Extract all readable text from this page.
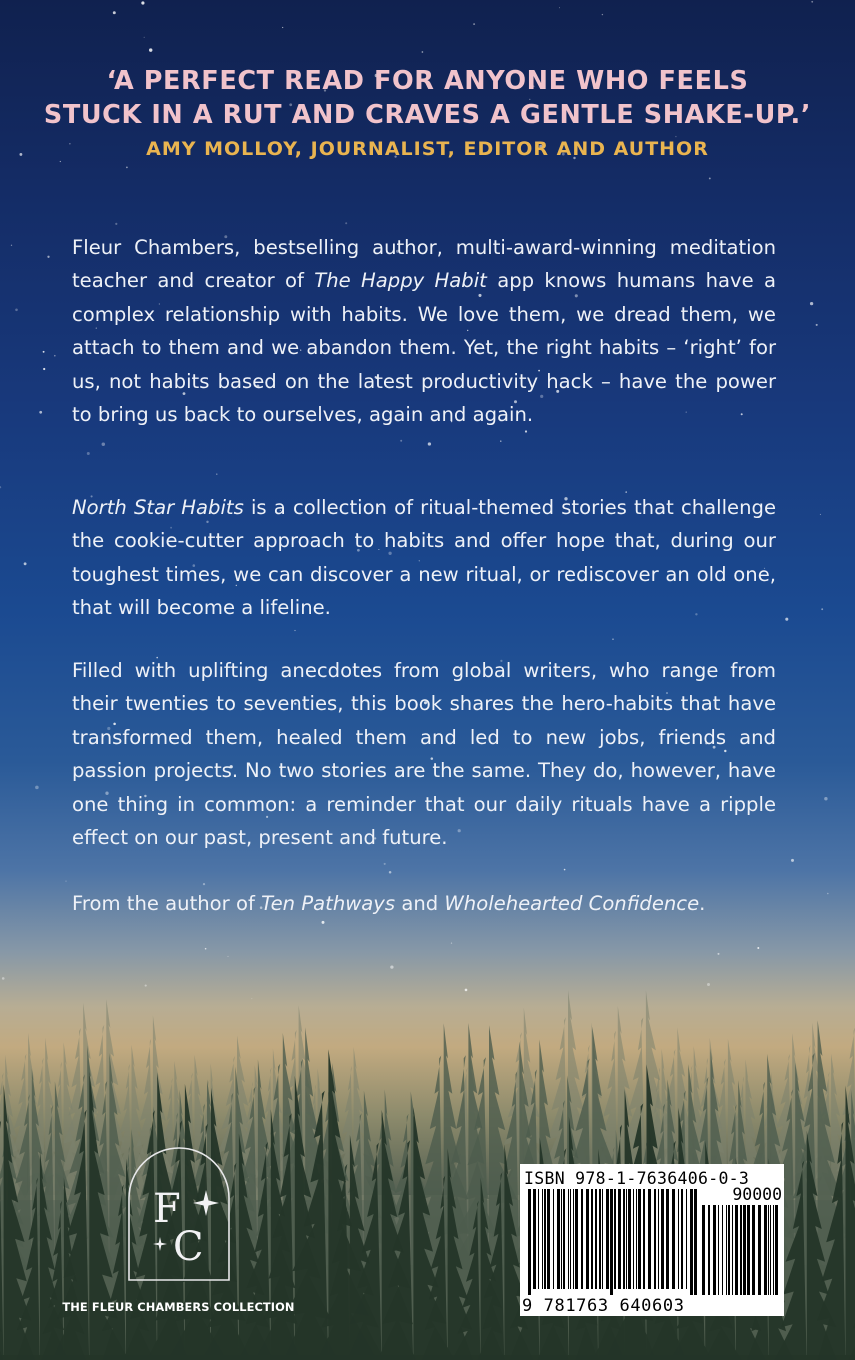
‘A PERFECT READ FOR ANYONE WHO FEELS
STUCK IN A RUT AND CRAVES A GENTLE SHAKE-UP.’
AMY MOLLOY, JOURNALIST, EDITOR AND AUTHOR

Fleur Chambers, bestselling author, multi-award-winning meditation teacher and creator of The Happy Habit app knows humans have a complex relationship with habits. We love them, we dread them, we attach to them and we abandon them. Yet, the right habits – ‘right’ for us, not habits based on the latest productivity hack – have the power to bring us back to ourselves, again and again.

North Star Habits is a collection of ritual-themed stories that challenge the cookie-cutter approach to habits and offer hope that, during our toughest times, we can discover a new ritual, or rediscover an old one, that will become a lifeline.

Filled with uplifting anecdotes from global writers, who range from their twenties to seventies, this book shares the hero-habits that have transformed them, healed them and led to new jobs, friends and passion projects. No two stories are the same. They do, however, have one thing in common: a reminder that our daily rituals have a ripple effect on our past, present and future.

From the author of Ten Pathways and Wholehearted Confidence.

F
C
THE FLEUR CHAMBERS COLLECTION
ISBN 978-1-7636406-0-3
90000
9 781763 640603
